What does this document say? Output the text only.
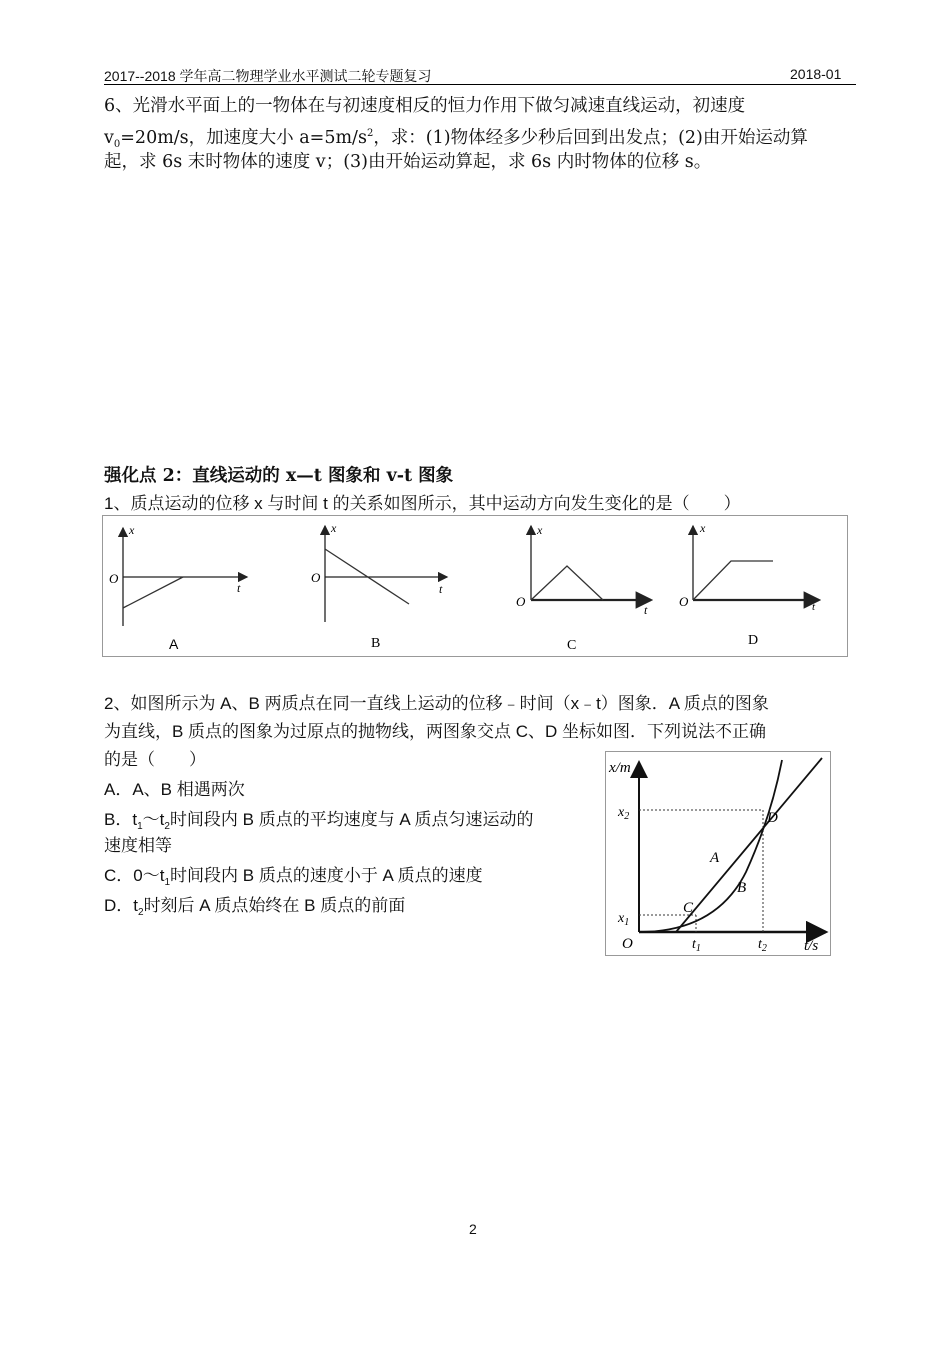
2017--2018 学年高二物理学业水平测试二轮专题复习	2018-01
6、光滑水平面上的一物体在与初速度相反的恒力作用下做匀减速直线运动，初速度
$v_0=20m/s$，加速度大小 $a=5m/s^2$，求：(1)物体经多少秒后回到出发点；(2)由开始运动算
起，求 6s 末时物体的速度 v；(3)由开始运动算起，求 6s 内时物体的位移 s。
强化点 2：直线运动的 x—t 图象和 v-t 图象
1、质点运动的位移 x 与时间 t 的关系如图所示，其中运动方向发生变化的是（　　）
x
O
t
A
x
O
t
B
x
O
t
C
x
O	t
D
2、如图所示为 A、B 两质点在同一直线上运动的位移﹣时间（x﹣t）图象．A 质点的图象
为直线，B 质点的图象为过原点的抛物线，两图象交点 C、D 坐标如图．下列说法不正确
的是（　　）
A．A、B 相遇两次
B．$t_1\sim t_2$时间段内 B 质点的平均速度与 A 质点匀速运动的
速度相等
C．$0\sim t_1$时间段内 B 质点的速度小于 A 质点的速度
D．$t_2$时刻后 A 质点始终在 B 质点的前面
x/m
t/s
O
$x_2$
$x_1$
$t_1$	$t_2$
A
B
C
D
2
